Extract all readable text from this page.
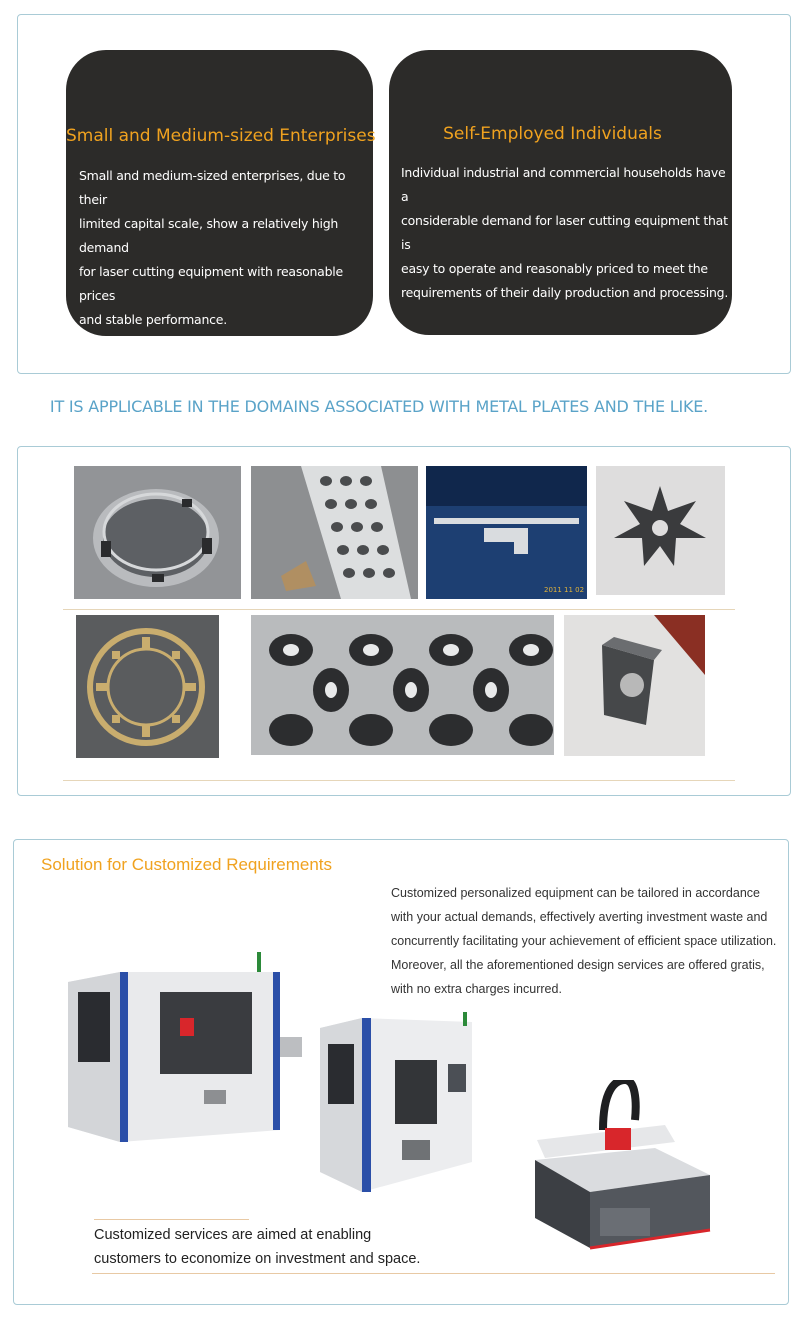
Small and Medium-sized Enterprises
Small and medium-sized enterprises, due to their
limited capital scale, show a relatively high demand
for laser cutting equipment with reasonable prices
and stable performance.
Self-Employed Individuals
Individual industrial and commercial households have a
considerable demand for laser cutting equipment that is
easy to operate and reasonably priced to meet the
requirements of their daily production and processing.
IT IS APPLICABLE IN THE DOMAINS ASSOCIATED WITH METAL PLATES AND THE LIKE.
2011 11 02
Solution for Customized Requirements
Customized personalized equipment can be tailored in accordance
with your actual demands, effectively averting investment waste and
concurrently facilitating your achievement of efficient space utilization.
Moreover, all the aforementioned design services are offered gratis,
with no extra charges incurred.
Customized services are aimed at enabling
customers to economize on investment and space.
